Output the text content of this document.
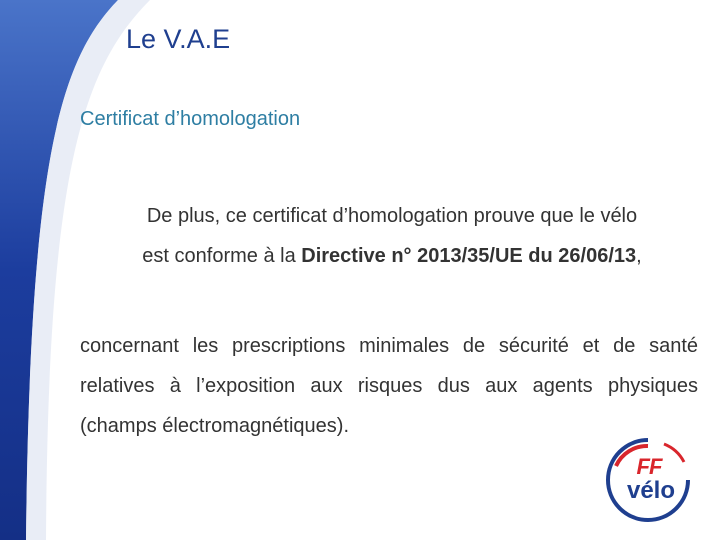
Le V.A.E
Certificat d’homologation
De plus, ce certificat d’homologation prouve que le vélo
est conforme à la Directive n° 2013/35/UE du 26/06/13,
concernant les prescriptions minimales de sécurité et de santé relatives à l’exposition aux risques dus aux agents physiques (champs électromagnétiques).
FF
vélo
